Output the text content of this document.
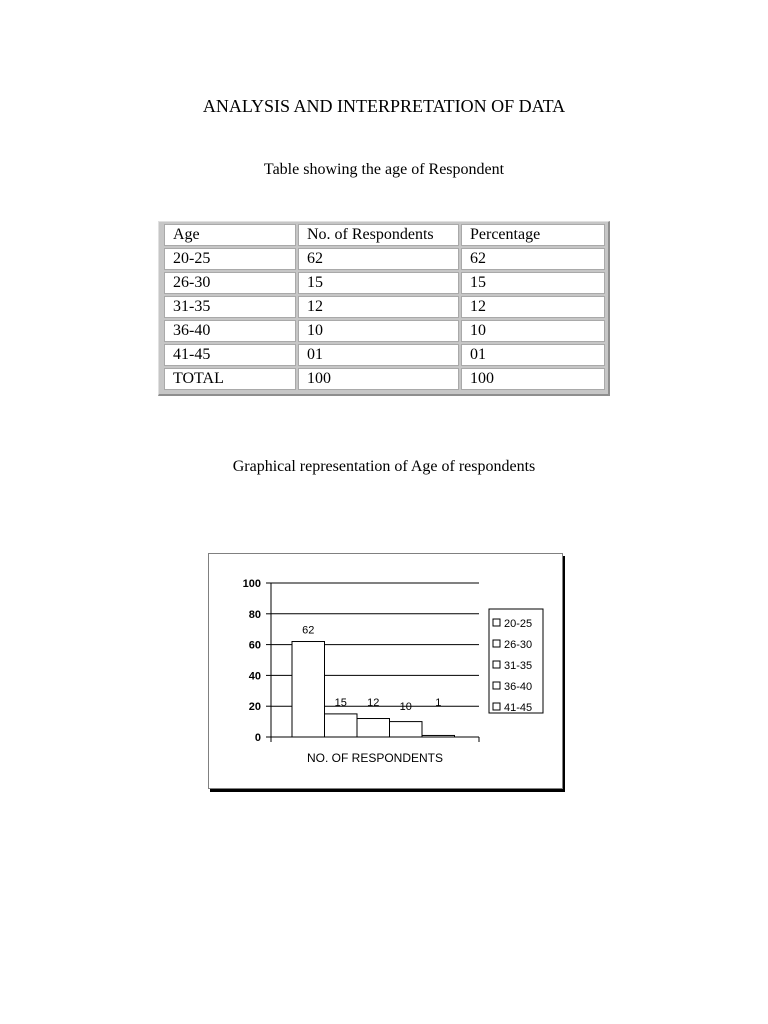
ANALYSIS AND INTERPRETATION OF DATA
Table showing the age of Respondent
Age	No. of Respondents	Percentage
20-25	62	62
26-30	15	15
31-35	12	12
36-40	10	10
41-45	01	01
TOTAL	100	100
Graphical representation of Age of respondents
0
20
40
60
80
100
62
15 12 10 1
NO. OF RESPONDENTS
20-25
26-30
31-35
36-40
41-45
